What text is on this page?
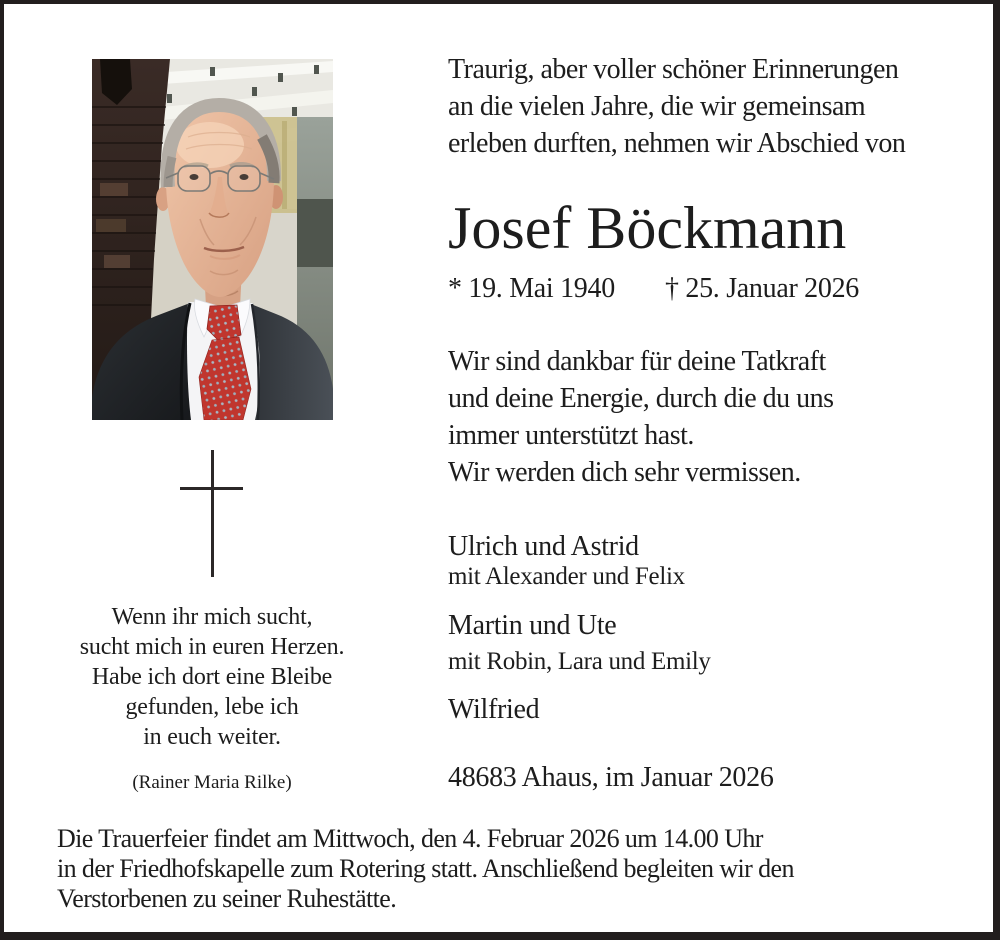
Wenn ihr mich sucht,
sucht mich in euren Herzen.
Habe ich dort eine Bleibe
gefunden, lebe ich
in euch weiter.
(Rainer Maria Rilke)
Traurig, aber voller schöner Erinnerungen
an die vielen Jahre, die wir gemeinsam
erleben durften, nehmen wir Abschied von
Josef Böckmann
* 19. Mai 1940 † 25. Januar 2026
Wir sind dankbar für deine Tatkraft
und deine Energie, durch die du uns
immer unterstützt hast.
Wir werden dich sehr vermissen.
Ulrich und Astrid
mit Alexander und Felix
Martin und Ute
mit Robin, Lara und Emily
Wilfried
48683 Ahaus, im Januar 2026
Die Trauerfeier findet am Mittwoch, den 4. Februar 2026 um 14.00 Uhr
in der Friedhofskapelle zum Rotering statt. Anschließend begleiten wir den
Verstorbenen zu seiner Ruhestätte.
